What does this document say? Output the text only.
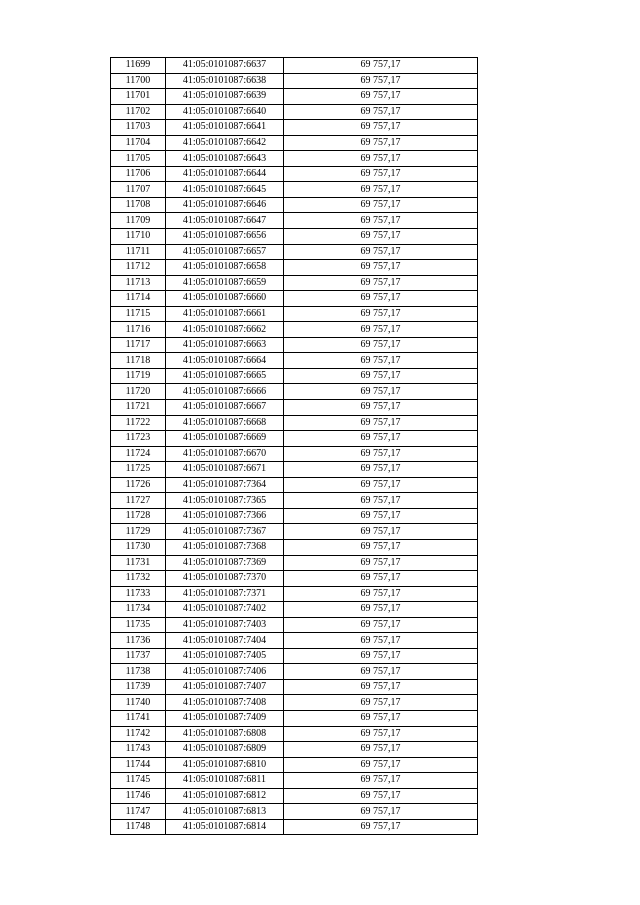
11699	41:05:0101087:6637	69 757,17
11700	41:05:0101087:6638	69 757,17
11701	41:05:0101087:6639	69 757,17
11702	41:05:0101087:6640	69 757,17
11703	41:05:0101087:6641	69 757,17
11704	41:05:0101087:6642	69 757,17
11705	41:05:0101087:6643	69 757,17
11706	41:05:0101087:6644	69 757,17
11707	41:05:0101087:6645	69 757,17
11708	41:05:0101087:6646	69 757,17
11709	41:05:0101087:6647	69 757,17
11710	41:05:0101087:6656	69 757,17
11711	41:05:0101087:6657	69 757,17
11712	41:05:0101087:6658	69 757,17
11713	41:05:0101087:6659	69 757,17
11714	41:05:0101087:6660	69 757,17
11715	41:05:0101087:6661	69 757,17
11716	41:05:0101087:6662	69 757,17
11717	41:05:0101087:6663	69 757,17
11718	41:05:0101087:6664	69 757,17
11719	41:05:0101087:6665	69 757,17
11720	41:05:0101087:6666	69 757,17
11721	41:05:0101087:6667	69 757,17
11722	41:05:0101087:6668	69 757,17
11723	41:05:0101087:6669	69 757,17
11724	41:05:0101087:6670	69 757,17
11725	41:05:0101087:6671	69 757,17
11726	41:05:0101087:7364	69 757,17
11727	41:05:0101087:7365	69 757,17
11728	41:05:0101087:7366	69 757,17
11729	41:05:0101087:7367	69 757,17
11730	41:05:0101087:7368	69 757,17
11731	41:05:0101087:7369	69 757,17
11732	41:05:0101087:7370	69 757,17
11733	41:05:0101087:7371	69 757,17
11734	41:05:0101087:7402	69 757,17
11735	41:05:0101087:7403	69 757,17
11736	41:05:0101087:7404	69 757,17
11737	41:05:0101087:7405	69 757,17
11738	41:05:0101087:7406	69 757,17
11739	41:05:0101087:7407	69 757,17
11740	41:05:0101087:7408	69 757,17
11741	41:05:0101087:7409	69 757,17
11742	41:05:0101087:6808	69 757,17
11743	41:05:0101087:6809	69 757,17
11744	41:05:0101087:6810	69 757,17
11745	41:05:0101087:6811	69 757,17
11746	41:05:0101087:6812	69 757,17
11747	41:05:0101087:6813	69 757,17
11748	41:05:0101087:6814	69 757,17
